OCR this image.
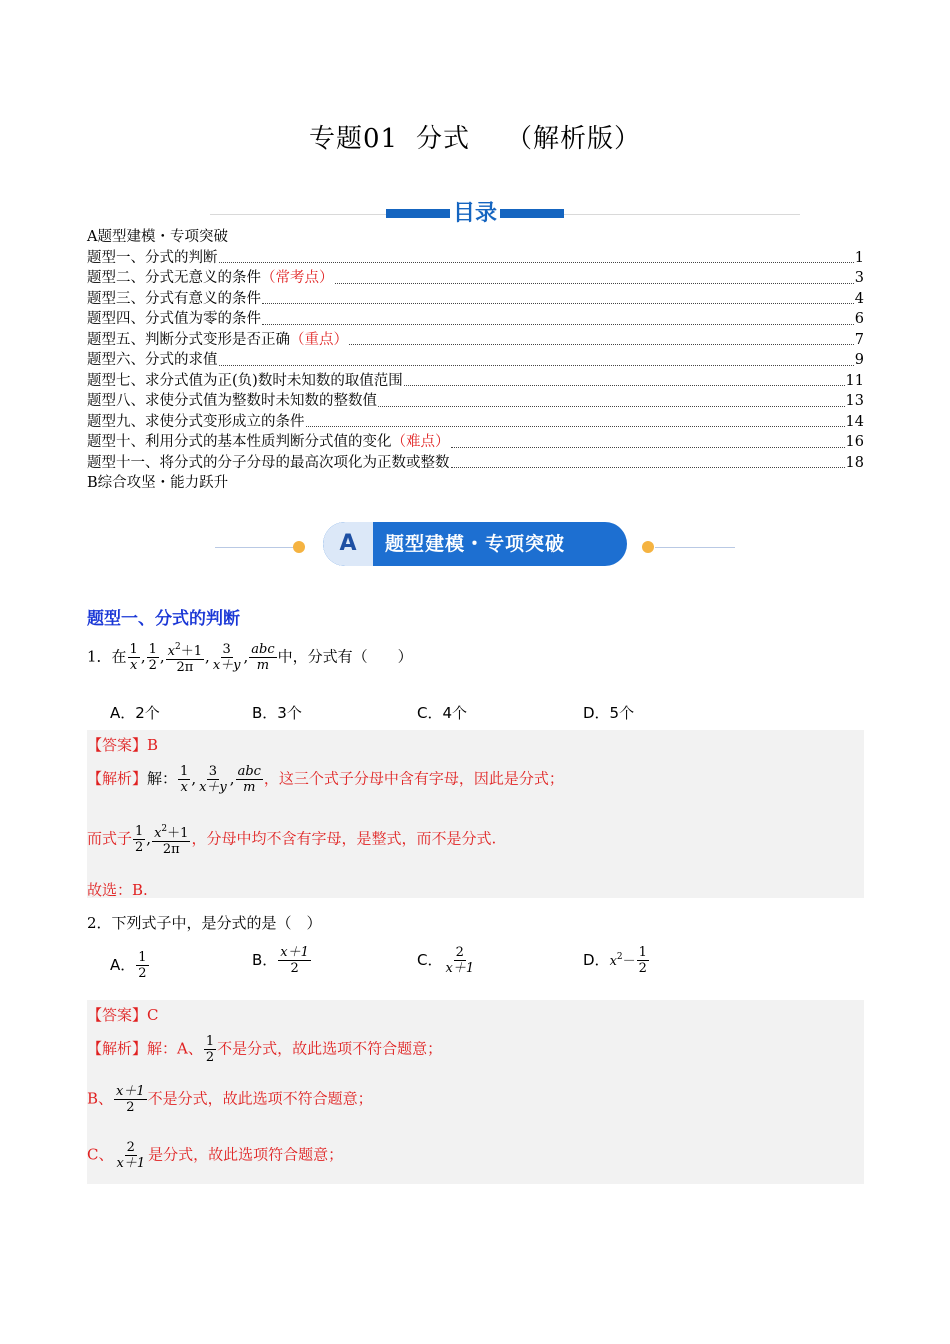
专题01 分式 （解析版）
目录
A题型建模・专项突破
题型一、分式的判断	1
题型二、分式无意义的条件 （常考点）	3
题型三、分式有意义的条件	4
题型四、分式值为零的条件	6
题型五、判断分式变形是否正确 （重点）	7
题型六、分式的求值	9
题型七、求分式值为正(负)数时未知数的取值范围	11
题型八、求使分式值为整数时未知数的整数值	13
题型九、求使分式变形成立的条件	14
题型十、利用分式的基本性质判断分式值的变化 （难点）	16
题型十一、将分式的分子分母的最高次项化为正数或整数	18
B综合攻坚・能力跃升
A	题型建模・专项突破
题型一、分式的判断
1．在 $\frac{1}{x}$ , $\frac{1}{2}$ , $\frac{x^2+1}{2\pi}$ , $\frac{3}{x+y}$ , $\frac{\text{abc}}{m}$ 中，分式有（　　）
A．2个	B．3个	C．4个	D．5个
【答案】B
【解析】解： $\frac{1}{x}$ , $\frac{3}{x+y}$ , $\frac{\text{abc}}{m}$ ，这三个式子分母中含有字母，因此是分式；
而式子 $\frac{1}{2}$ , $\frac{x^2+1}{2\pi}$ ，分母中均不含有字母，是整式，而不是分式.
故选：B.
2．下列式子中，是分式的是（　）
A． $\frac{1}{2}$	B． $\frac{x+1}{2}$	C． $\frac{2}{x+1}$	D．$x^2- \frac{1}{2}$
【答案】C
【解析】解：A、 $\frac{1}{2}$ 不是分式，故此选项不符合题意；
B、 $\frac{x+1}{2}$ 不是分式，故此选项不符合题意；
C、 $\frac{2}{x+1}$ 是分式，故此选项符合题意；
